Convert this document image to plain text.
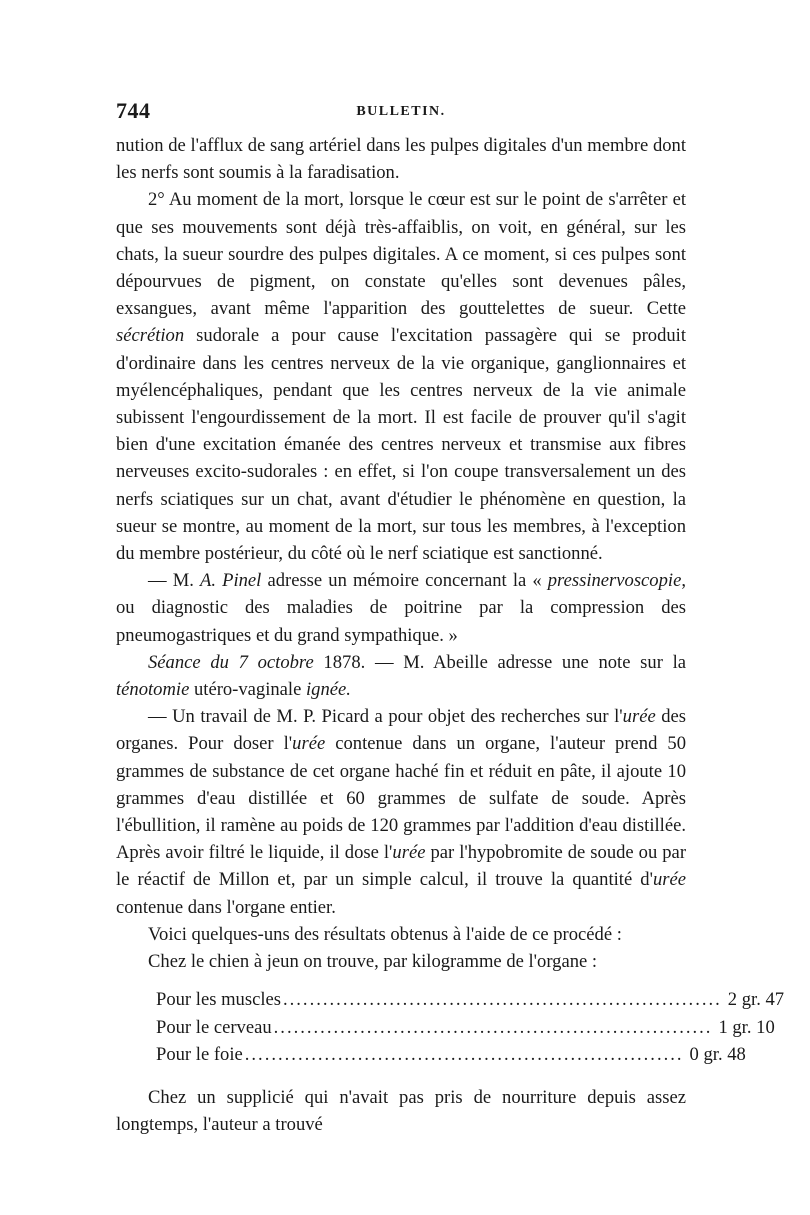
744	BULLETIN.

nution de l'afflux de sang artériel dans les pulpes digitales d'un membre dont les nerfs sont soumis à la faradisation.

2° Au moment de la mort, lorsque le cœur est sur le point de s'arrêter et que ses mouvements sont déjà très-affaiblis, on voit, en général, sur les chats, la sueur sourdre des pulpes digitales. A ce moment, si ces pulpes sont dépourvues de pigment, on constate qu'elles sont devenues pâles, exsangues, avant même l'apparition des gouttelettes de sueur. Cette sécrétion sudorale a pour cause l'excitation passagère qui se produit d'ordinaire dans les centres nerveux de la vie organique, ganglionnaires et myélencéphaliques, pendant que les centres nerveux de la vie animale subissent l'engourdissement de la mort. Il est facile de prouver qu'il s'agit bien d'une excitation émanée des centres nerveux et transmise aux fibres nerveuses excito-sudorales : en effet, si l'on coupe transversalement un des nerfs sciatiques sur un chat, avant d'étudier le phénomène en question, la sueur se montre, au moment de la mort, sur tous les membres, à l'exception du membre postérieur, du côté où le nerf sciatique est sanctionné.

— M. A. Pinel adresse un mémoire concernant la « pressinervoscopie, ou diagnostic des maladies de poitrine par la compression des pneumogastriques et du grand sympathique. »

Séance du 7 octobre 1878. — M. Abeille adresse une note sur la ténotomie utéro-vaginale ignée.

— Un travail de M. P. Picard a pour objet des recherches sur l'urée des organes. Pour doser l'urée contenue dans un organe, l'auteur prend 50 grammes de substance de cet organe haché fin et réduit en pâte, il ajoute 10 grammes d'eau distillée et 60 grammes de sulfate de soude. Après l'ébullition, il ramène au poids de 120 grammes par l'addition d'eau distillée. Après avoir filtré le liquide, il dose l'urée par l'hypobromite de soude ou par le réactif de Millon et, par un simple calcul, il trouve la quantité d'urée contenue dans l'organe entier.

Voici quelques-uns des résultats obtenus à l'aide de ce procédé :

Chez le chien à jeun on trouve, par kilogramme de l'organe :

Pour les muscles .................................................................. 2 gr. 47
Pour le cerveau .................................................................. 1 gr. 10
Pour le foie .................................................................. 0 gr. 48

Chez un supplicié qui n'avait pas pris de nourriture depuis assez longtemps, l'auteur a trouvé
